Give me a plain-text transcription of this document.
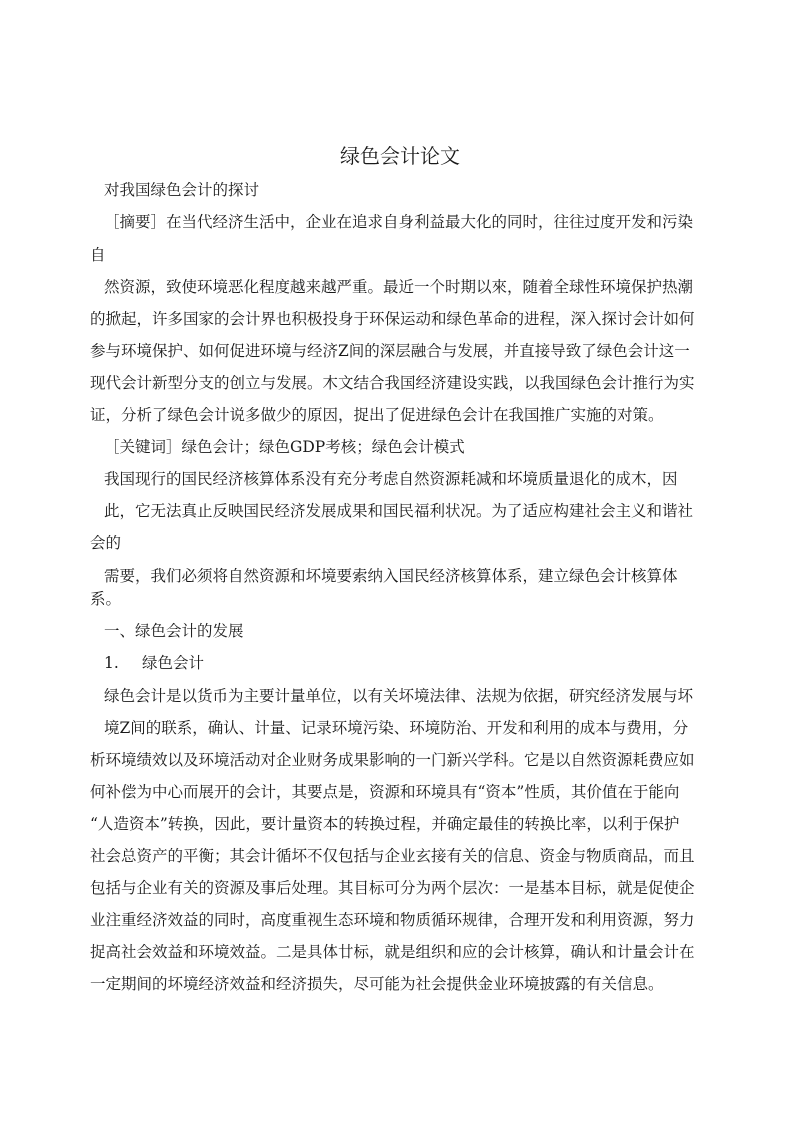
绿色会计论文
对我国绿色会计的探讨
［摘要］在当代经济生活中，企业在追求自身利益最大化的同时，往往过度开发和污染
自
然资源，致使环境恶化程度越来越严重。最近一个时期以來，随着全球性环境保护热潮
的掀起，许多国家的会计界也积极投身于环保运动和绿色革命的进程，深入探讨会计如何
参与环境保护、如何促进环境与经济Z间的深层融合与发展，并直接导致了绿色会计这一
现代会计新型分支的创立与发展。木文结合我国经济建设实践，以我国绿色会计推行为实
证，分析了绿色会计说多做少的原因，捉出了促进绿色会计在我国推广实施的对策。
［关键词］绿色会计；绿色GDP考核；绿色会计模式
我国现行的国民经济核算体系没有充分考虑自然资源耗减和坏境质量退化的成木，因
此，它无法真止反映国民经济发展成果和国民福利状况。为了适应构建社会主义和谐社
会的
需要，我们必须将自然资源和坏境要索纳入国民经济核算体系，建立绿色会计核算体
系。
一、绿色会计的发展
1. 绿色会计
绿色会计是以货币为主要计量单位，以有关坏境法律、法规为依据，研究经济发展与坏
境Z间的联系，确认、计量、记录环境污染、环境防治、开发和利用的成本与费用，分
析环境绩效以及环境活动对企业财务成果影响的一门新兴学科。它是以自然资源耗费应如
何补偿为中心而展开的会计，其要点是，资源和环境具有“资本”性质，其价值在于能向
“人造资本”转换，因此，要计量资本的转换过程，并确定最佳的转换比率，以利于保护
社会总资产的平衡；其会计循坏不仅包括与企业玄接有关的信息、资金与物质商品，而且
包括与企业有关的资源及事后处理。其目标可分为两个层次：一是基本目标，就是促使企
业注重经济效益的同时，高度重视生态环境和物质循环规律，合理开发和利用资源，努力
捉高社会效益和环境效益。二是具体廿标，就是组织和应的会计核算，确认和计量会计在
一定期间的坏境经济效益和经济损失，尽可能为社会提供金业环境披露的有关信息。
